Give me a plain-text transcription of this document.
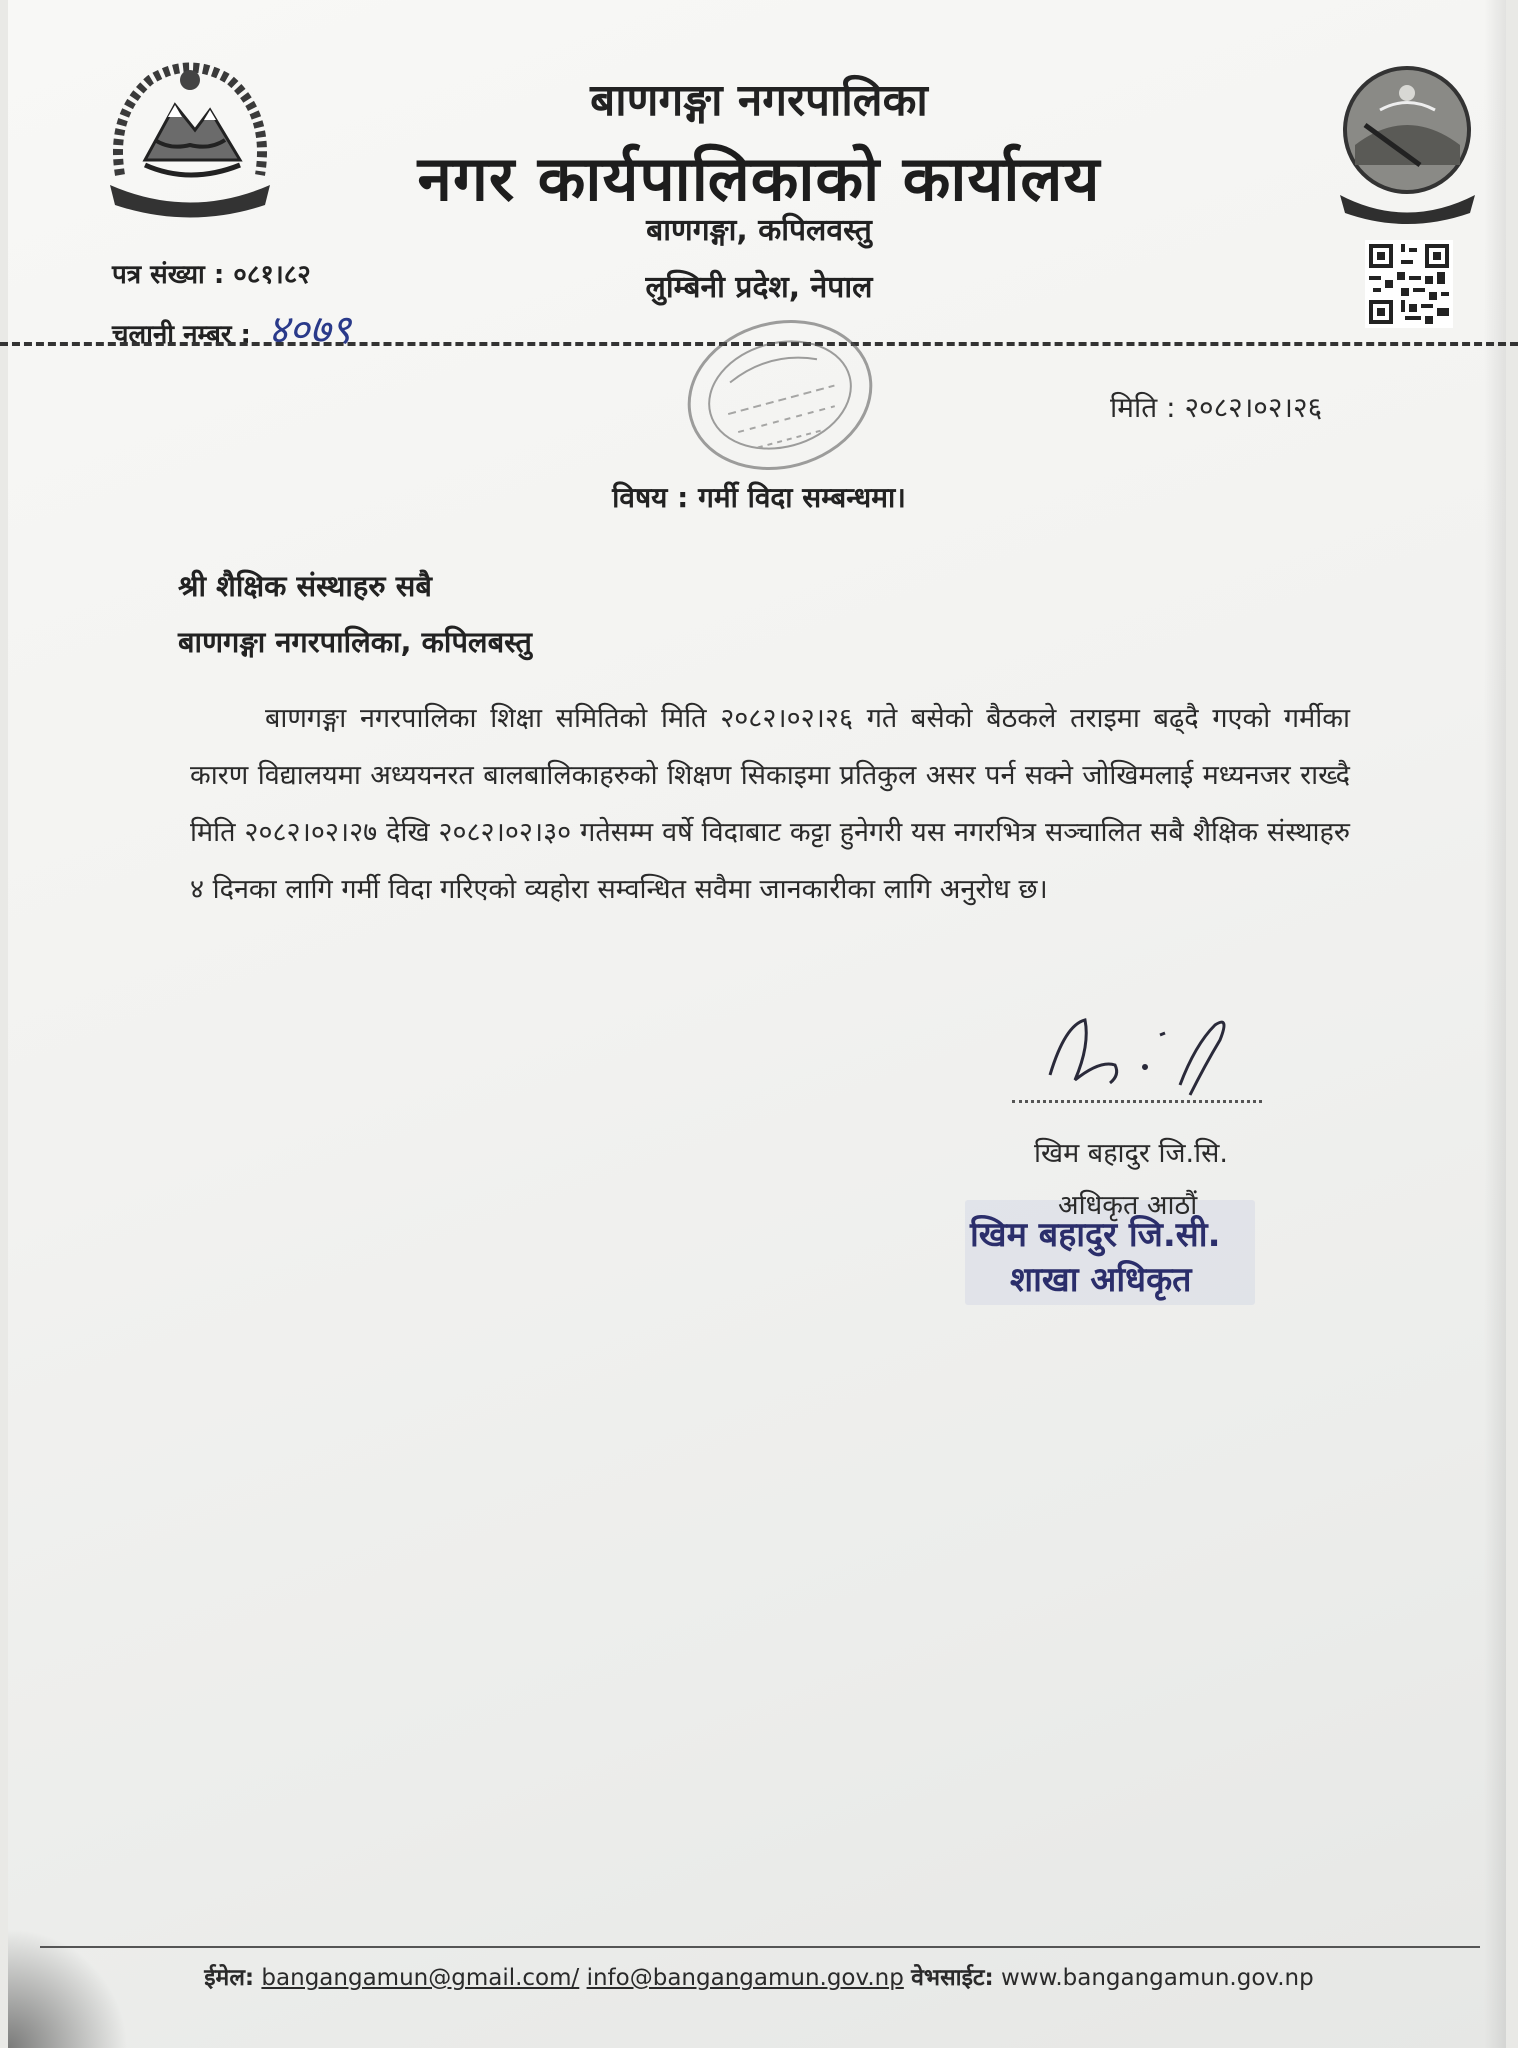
बाणगङ्गा नगरपालिका
नगर कार्यपालिकाको कार्यालय
बाणगङ्गा, कपिलवस्तु
लुम्बिनी प्रदेश, नेपाल
पत्र संख्या : ०८१।८२
चलानी नम्बर : ४०७९
मिति : २०८२।०२।२६
विषय : गर्मी विदा सम्बन्धमा।
श्री शैक्षिक संस्थाहरु सबै
बाणगङ्गा नगरपालिका, कपिलबस्तु
बाणगङ्गा नगरपालिका शिक्षा समितिको मिति २०८२।०२।२६ गते बसेको बैठकले तराइमा बढ्दै गएको गर्मीका कारण विद्यालयमा अध्ययनरत बालबालिकाहरुको शिक्षण सिकाइमा प्रतिकुल असर पर्न सक्ने जोखिमलाई मध्यनजर राख्दै मिति २०८२।०२।२७ देखि २०८२।०२।३० गतेसम्म वर्षे विदाबाट कट्टा हुनेगरी यस नगरभित्र सञ्चालित सबै शैक्षिक संस्थाहरु ४ दिनका लागि गर्मी विदा गरिएको व्यहोरा सम्वन्धित सवैमा जानकारीका लागि अनुरोध छ।
खिम बहादुर जि.सि.
अधिकृत आठौं
खिम बहादुर जि.सी.
शाखा अधिकृत
ईमेल: bangangamun@gmail.com/ info@bangangamun.gov.np वेभसाईट: www.bangangamun.gov.np
